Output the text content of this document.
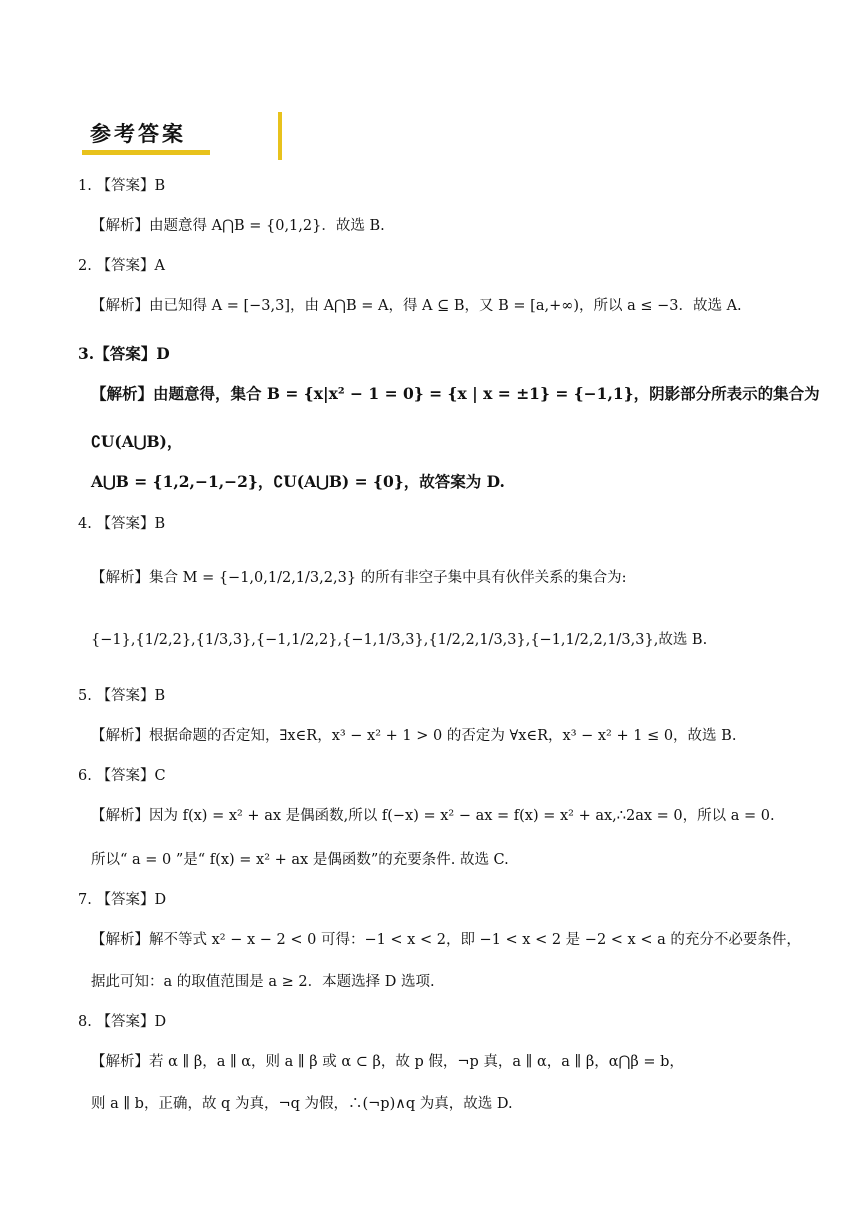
参考答案
1. 【答案】B
【解析】由题意得 A⋂B = {0,1,2}．故选 B.
2. 【答案】A
【解析】由已知得 A = [−3,3]，由 A⋂B = A，得 A ⊆ B，又 B = [a,+∞)，所以 a ≤ −3．故选 A.
3.【答案】D
【解析】由题意得，集合 B = {x|x² − 1 = 0} = {x | x = ±1} = {−1,1}，阴影部分所表示的集合为
∁U(A⋃B)，
A⋃B = {1,2,−1,−2}，∁U(A⋃B) = {0}，故答案为 D.
4. 【答案】B
【解析】集合 M = {−1,0,1/2,1/3,2,3} 的所有非空子集中具有伙伴关系的集合为:
{−1},{1/2,2},{1/3,3},{−1,1/2,2},{−1,1/3,3},{1/2,2,1/3,3},{−1,1/2,2,1/3,3},故选 B.
5. 【答案】B
【解析】根据命题的否定知，∃x∈R，x³ − x² + 1 > 0 的否定为 ∀x∈R，x³ − x² + 1 ≤ 0，故选 B.
6. 【答案】C
【解析】因为 f(x) = x² + ax 是偶函数,所以 f(−x) = x² − ax = f(x) = x² + ax,∴2ax = 0，所以 a = 0.
所以“ a = 0 ”是“ f(x) = x² + ax 是偶函数”的充要条件. 故选 C.
7. 【答案】D
【解析】解不等式 x² − x − 2 < 0 可得：−1 < x < 2，即 −1 < x < 2 是 −2 < x < a 的充分不必要条件，
据此可知：a 的取值范围是 a ≥ 2．本题选择 D 选项.
8. 【答案】D
【解析】若 α ∥ β，a ∥ α，则 a ∥ β 或 α ⊂ β，故 p 假，¬p 真，a ∥ α，a ∥ β，α⋂β = b，
则 a ∥ b，正确，故 q 为真，¬q 为假，∴(¬p)∧q 为真，故选 D.
